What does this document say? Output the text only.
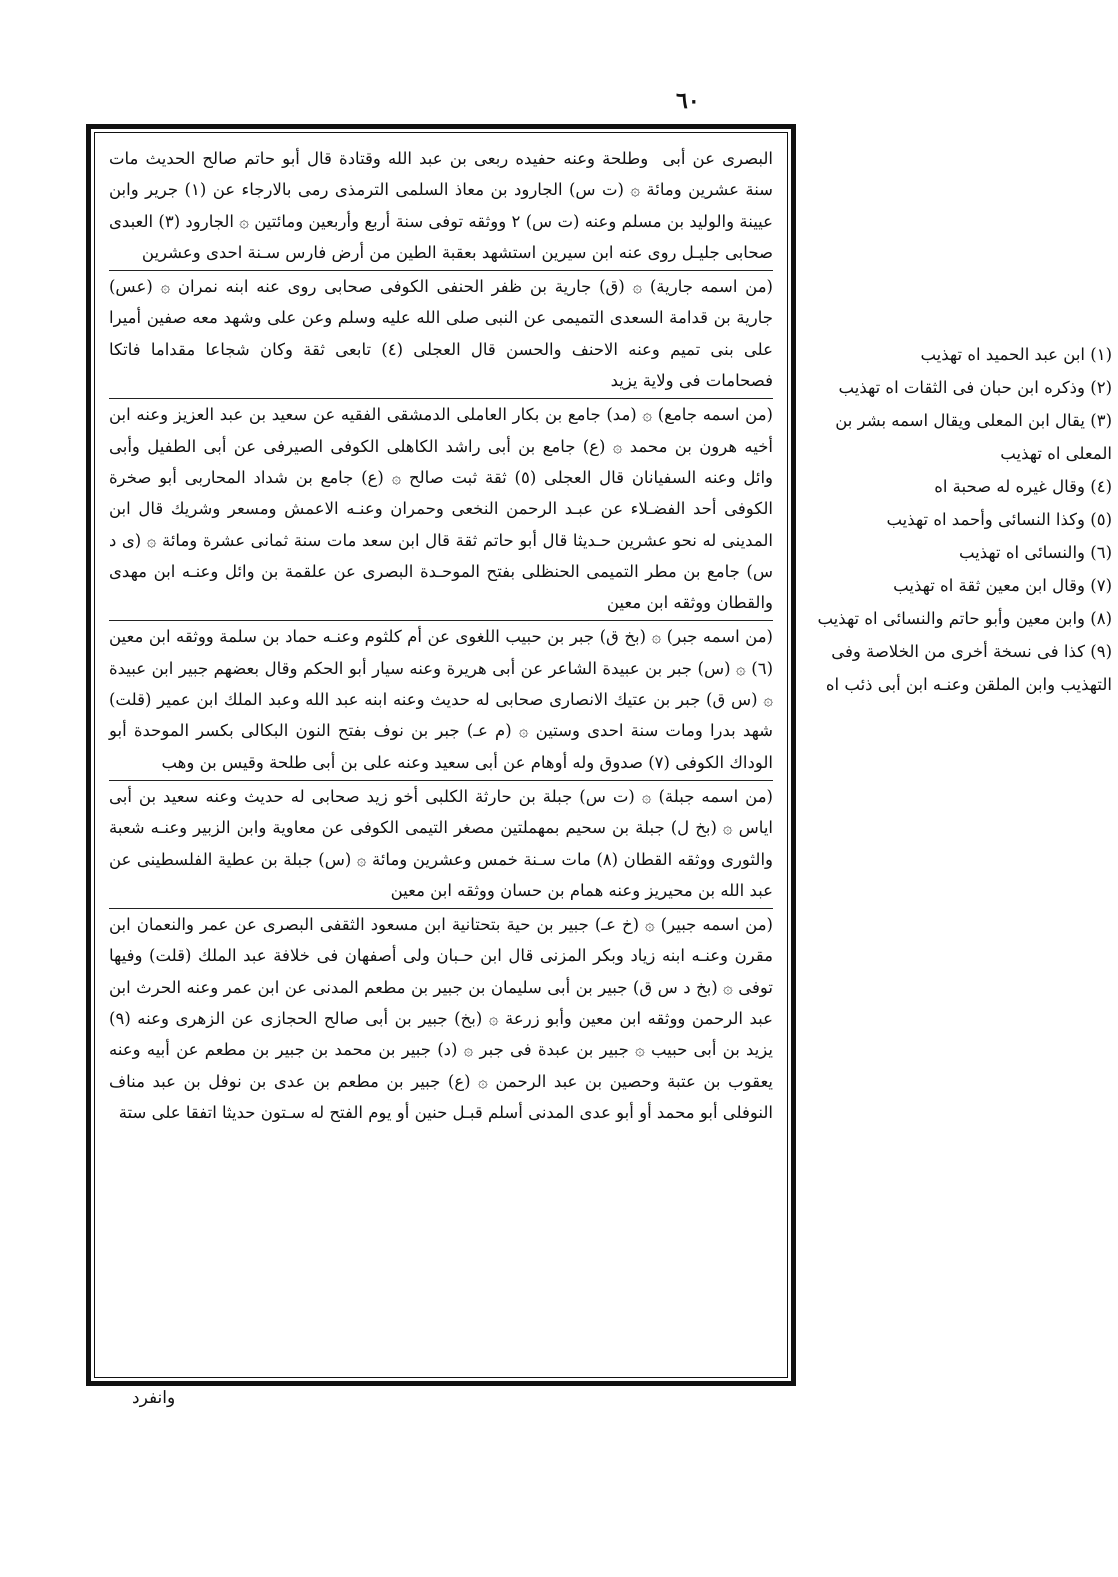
٦٠

البصرى عن أبى  وطلحة وعنه حفيده ربعى بن عبد الله وقتادة قال أبو حاتم صالح الحديث مات سنة عشرين ومائة ۞ (ت س) الجارود بن معاذ السلمى الترمذى رمى بالارجاء عن (١) جرير وابن عيينة والوليد بن مسلم وعنه (ت س) ٢ ووثقه توفى سنة أربع وأربعين ومائتين ۞ الجارود (٣) العبدى صحابى جليـل روى عنه ابن سيرين استشهد بعقبة الطين من أرض فارس سـنة احدى وعشرين

(من اسمه جارية) ۞ (ق) جارية بن ظفر الحنفى الكوفى صحابى روى عنه ابنه نمران ۞ (عس) جارية بن قدامة السعدى التميمى عن النبى صلى الله عليه وسلم وعن على وشهد معه صفين أميرا على بنى تميم وعنه الاحنف والحسن قال العجلى (٤) تابعى ثقة وكان شجاعا مقداما فاتكا فصحامات فى ولاية يزيد

(من اسمه جامع) ۞ (مد) جامع بن بكار العاملى الدمشقى الفقيه عن سعيد بن عبد العزيز وعنه ابن أخيه هرون بن محمد ۞ (ع) جامع بن أبى راشد الكاهلى الكوفى الصيرفى عن أبى الطفيل وأبى وائل وعنه السفيانان قال العجلى (٥) ثقة ثبت صالح ۞ (ع) جامع بن شداد المحاربى أبو صخرة الكوفى أحد الفضـلاء عن عبـد الرحمن النخعى وحمران وعنـه الاعمش ومسعر وشريك قال ابن المدينى له نحو عشرين حـديثا قال أبو حاتم ثقة قال ابن سعد مات سنة ثمانى عشرة ومائة ۞ (ى د س) جامع بن مطر التميمى الحنظلى بفتح الموحـدة البصرى عن علقمة بن وائل وعنـه ابن مهدى والقطان ووثقه ابن معين

(من اسمه جبر) ۞ (بخ ق) جبر بن حبيب اللغوى عن أم كلثوم وعنـه حماد بن سلمة ووثقه ابن معين (٦) ۞ (س) جبر بن عبيدة الشاعر عن أبى هريرة وعنه سيار أبو الحكم وقال بعضهم جبير ابن عبيدة ۞ (س ق) جبر بن عتيك الانصارى صحابى له حديث وعنه ابنه عبد الله وعبد الملك ابن عمير (قلت) شهد بدرا ومات سنة احدى وستين ۞ (م عـ) جبر بن نوف بفتح النون البكالى بكسر الموحدة أبو الوداك الكوفى (٧) صدوق وله أوهام عن أبى سعيد وعنه على بن أبى طلحة وقيس بن وهب

(من اسمه جبلة) ۞ (ت س) جبلة بن حارثة الكلبى أخو زيد صحابى له حديث وعنه سعيد بن أبى اياس ۞ (بخ ل) جبلة بن سحيم بمهملتين مصغر التيمى الكوفى عن معاوية وابن الزبير وعنـه شعبة والثورى ووثقه القطان (٨) مات سـنة خمس وعشرين ومائة ۞ (س) جبلة بن عطية الفلسطينى عن عبد الله بن محيريز وعنه همام بن حسان ووثقه ابن معين

(من اسمه جبير) ۞ (خ عـ) جبير بن حية بتحتانية ابن مسعود الثقفى البصرى عن عمر والنعمان ابن مقرن وعنـه ابنه زياد وبكر المزنى قال ابن حـبان ولى أصفهان فى خلافة عبد الملك (قلت) وفيها توفى ۞ (بخ د س ق) جبير بن أبى سليمان بن جبير بن مطعم المدنى عن ابن عمر وعنه الحرث ابن عبد الرحمن ووثقه ابن معين وأبو زرعة ۞ (بخ) جبير بن أبى صالح الحجازى عن الزهرى وعنه (٩) يزيد بن أبى حبيب ۞ جبير بن عبدة فى جبر ۞ (د) جبير بن محمد بن جبير بن مطعم عن أبيه وعنه يعقوب بن عتبة وحصين بن عبد الرحمن ۞ (ع) جبير بن مطعم بن عدى بن نوفل بن عبد مناف النوفلى أبو محمد أو أبو عدى المدنى أسلم قبـل حنين أو يوم الفتح له سـتون حديثا اتفقا على ستة

(١) ابن عبد الحميد اه تهذيب

(٢) وذكره ابن حبان فى الثقات اه تهذيب

(٣) يقال ابن المعلى ويقال اسمه بشر بن المعلى اه تهذيب

(٤) وقال غيره له صحبة اه

(٥) وكذا النسائى وأحمد اه تهذيب

(٦) والنسائى اه تهذيب

(٧) وقال ابن معين ثقة اه تهذيب

(٨) وابن معين وأبو حاتم والنسائى اه تهذيب

(٩) كذا فى نسخة أخرى من الخلاصة وفى التهذيب وابن الملقن وعنـه ابن أبى ذئب اه

وانفرد
